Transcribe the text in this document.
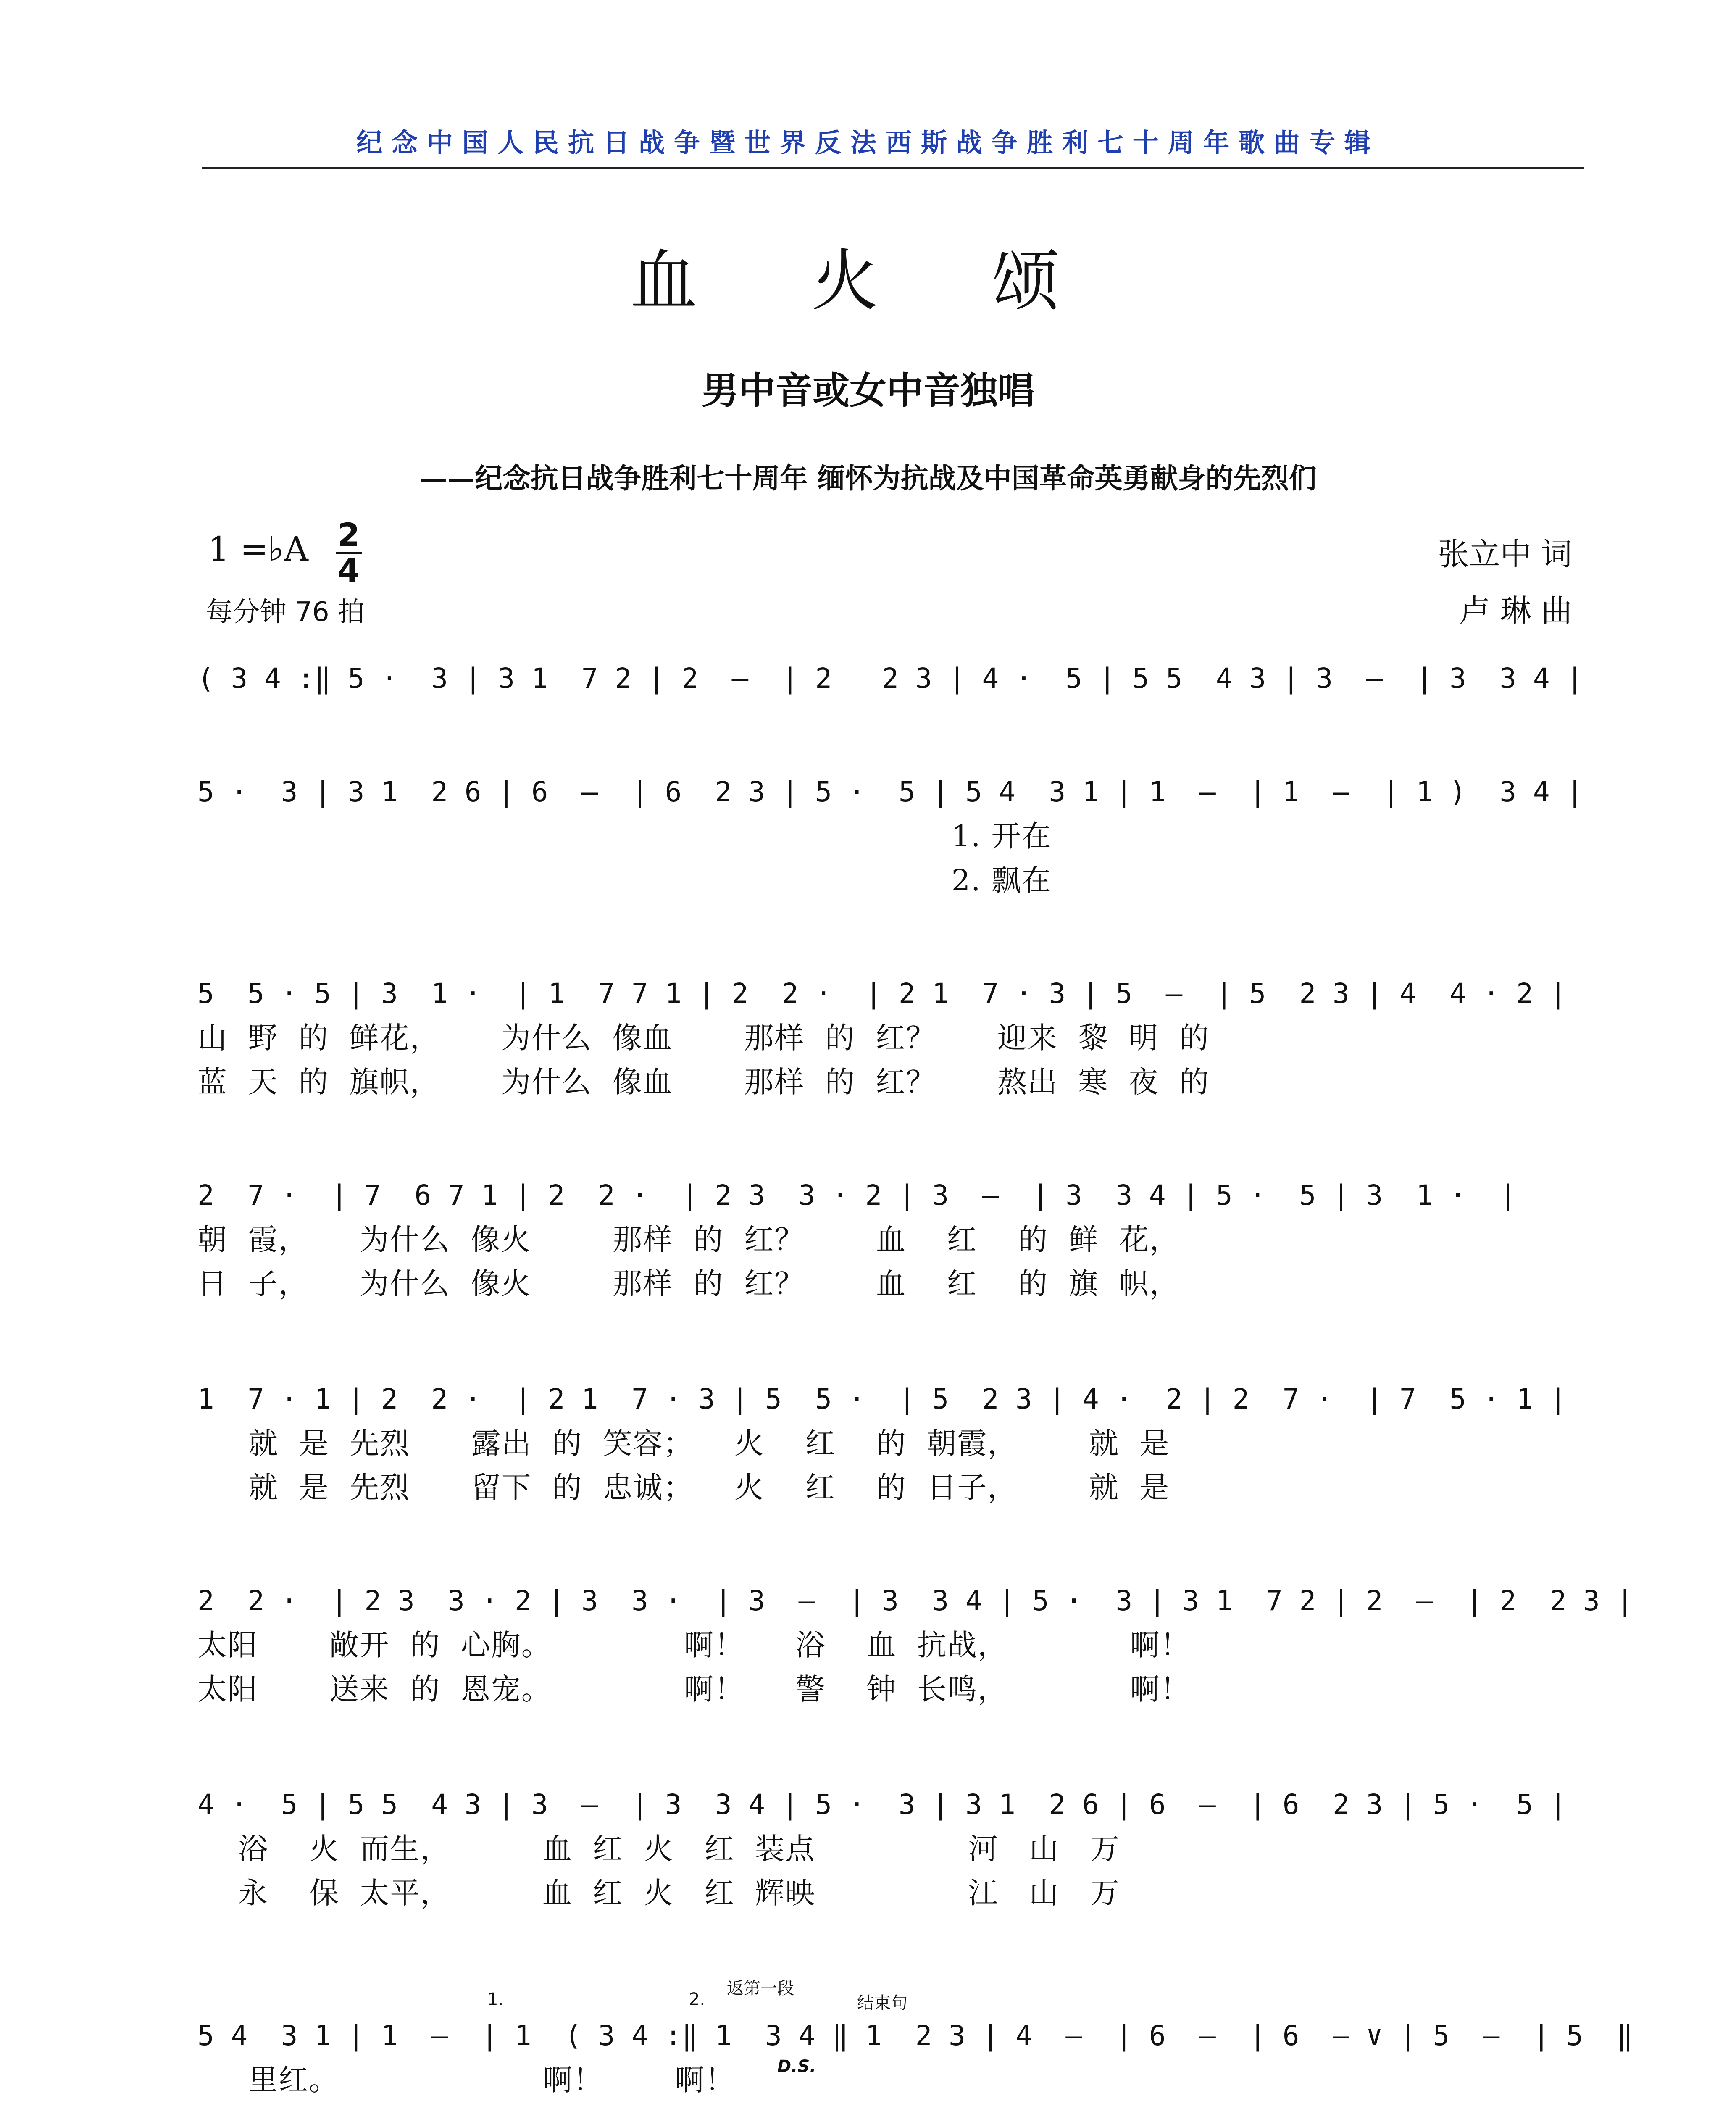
纪念中国人民抗日战争暨世界反法西斯战争胜利七十周年歌曲专辑
血 火 颂
男中音或女中音独唱
——纪念抗日战争胜利七十周年 缅怀为抗战及中国革命英勇献身的先烈们
1 =♭A 2
4
每分钟 76 拍
张立中 词
卢 琳 曲
( 3 4 :‖ 5 ·  3 | 3 1  7 2 | 2  –  | 2   2 3 | 4 ·  5 | 5 5  4 3 | 3  –  | 3  3 4 |
5 ·  3 | 3 1  2 6 | 6  –  | 6  2 3 | 5 ·  5 | 5 4  3 1 | 1  –  | 1  –  | 1 )  3 4 |
1. 开在
2. 飘在
5  5 · 5 | 3  1 ·  | 1  7 7 1 | 2  2 ·  | 2 1  7 · 3 | 5  –  | 5  2 3 | 4  4 · 2 |
山  野  的  鲜花，      为什么  像血       那样  的  红？      迎来  黎  明  的
蓝  天  的  旗帜，      为什么  像血       那样  的  红？      熬出  寒  夜  的
2  7 ·  | 7  6 7 1 | 2  2 ·  | 2 3  3 · 2 | 3  –  | 3  3 4 | 5 ·  5 | 3  1 ·  |
朝  霞，     为什么  像火        那样  的  红？       血    红    的  鲜  花，
日  子，     为什么  像火        那样  的  红？       血    红    的  旗  帜，
1  7 · 1 | 2  2 ·  | 2 1  7 · 3 | 5  5 ·  | 5  2 3 | 4 ·  2 | 2  7 ·  | 7  5 · 1 |
就  是  先烈      露出  的  笑容；    火    红    的  朝霞，       就  是
就  是  先烈      留下  的  忠诚；    火    红    的  日子，       就  是
2  2 ·  | 2 3  3 · 2 | 3  3 ·  | 3  –  | 3  3 4 | 5 ·  3 | 3 1  7 2 | 2  –  | 2  2 3 |
太阳       敞开  的  心胸。             啊！     浴    血  抗战，            啊！
太阳       送来  的  恩宠。             啊！     警    钟  长鸣，            啊！
4 ·  5 | 5 5  4 3 | 3  –  | 3  3 4 | 5 ·  3 | 3 1  2 6 | 6  –  | 6  2 3 | 5 ·  5 |
浴    火  而生，         血  红  火   红  装点               河   山   万
永    保  太平，         血  红  火   红  辉映               江   山   万
1.	2.
返第一段
结束句
D.S.
5 4  3 1 | 1  –  | 1  ( 3 4 :‖ 1  3 4 ‖ 1  2 3 | 4  –  | 6  –  | 6  – ∨ | 5  –  | 5  ‖
里红。                    啊！       啊！
